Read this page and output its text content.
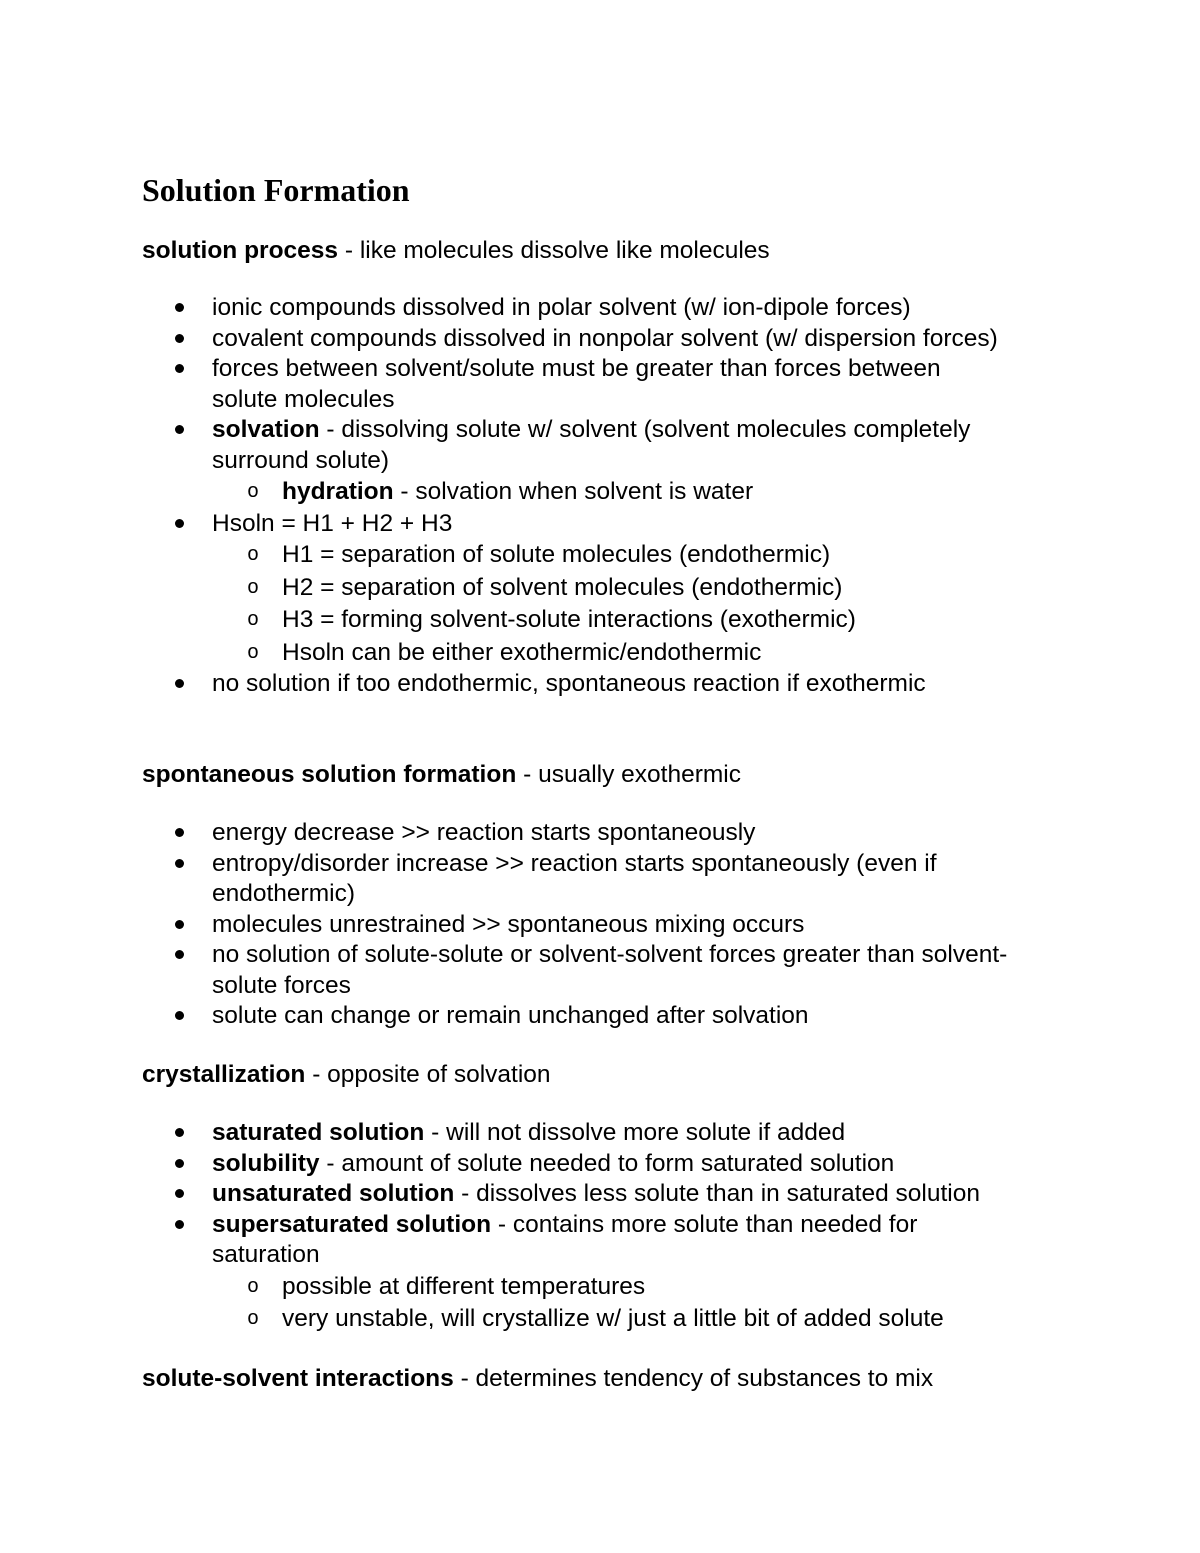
Solution Formation

solution process - like molecules dissolve like molecules

ionic compounds dissolved in polar solvent (w/ ion-dipole forces)
covalent compounds dissolved in nonpolar solvent (w/ dispersion forces)
forces between solvent/solute must be greater than forces between solute molecules
solvation - dissolving solute w/ solvent (solvent molecules completely surround solute)
o hydration - solvation when solvent is water
Hsoln = H1 + H2 + H3
o H1 = separation of solute molecules (endothermic)
o H2 = separation of solvent molecules (endothermic)
o H3 = forming solvent-solute interactions (exothermic)
o Hsoln can be either exothermic/endothermic
no solution if too endothermic, spontaneous reaction if exothermic

spontaneous solution formation - usually exothermic

energy decrease >> reaction starts spontaneously
entropy/disorder increase >> reaction starts spontaneously (even if endothermic)
molecules unrestrained >> spontaneous mixing occurs
no solution of solute-solute or solvent-solvent forces greater than solvent-solute forces
solute can change or remain unchanged after solvation

crystallization - opposite of solvation

saturated solution - will not dissolve more solute if added
solubility - amount of solute needed to form saturated solution
unsaturated solution - dissolves less solute than in saturated solution
supersaturated solution - contains more solute than needed for saturation
o possible at different temperatures
o very unstable, will crystallize w/ just a little bit of added solute

solute-solvent interactions - determines tendency of substances to mix
